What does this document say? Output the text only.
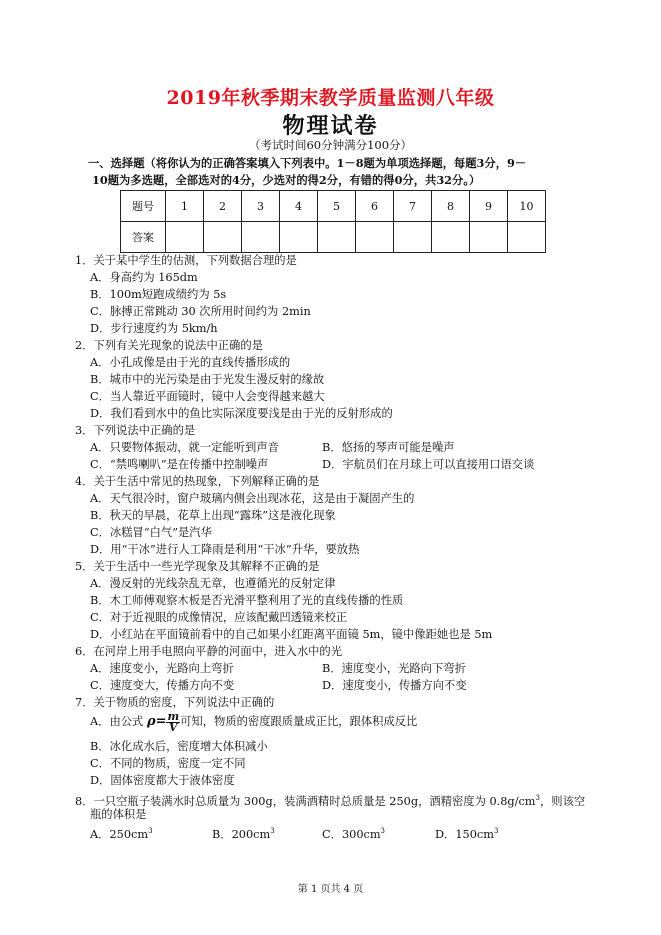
2019年秋季期末教学质量监测八年级
物理试卷
（考试时间60分钟满分100分）
一、选择题（将你认为的正确答案填入下列表中。1－8题为单项选择题，每题3分，9－
10题为多选题，全部选对的4分，少选对的得2分，有错的得0分，共32分。）
题号	1	2	3	4	5	6	7	8	9	10
答案										
1．关于某中学生的估测，下列数据合理的是
A．身高约为 165dm
B．100m短跑成绩约为 5s
C．脉搏正常跳动 30 次所用时间约为 2min
D．步行速度约为 5km/h
2．下列有关光现象的说法中正确的是
A．小孔成像是由于光的直线传播形成的
B．城市中的光污染是由于光发生漫反射的缘故
C．当人靠近平面镜时，镜中人会变得越来越大
D．我们看到水中的鱼比实际深度要浅是由于光的反射形成的
3．下列说法中正确的是
A．只要物体振动，就一定能听到声音	B．悠扬的琴声可能是噪声
C．“禁鸣喇叭”是在传播中控制噪声	D．宇航员们在月球上可以直接用口语交谈
4．关于生活中常见的热现象，下列解释正确的是
A．天气很冷时，窗户玻璃内侧会出现冰花，这是由于凝固产生的
B．秋天的早晨，花草上出现“露珠”这是液化现象
C．冰糕冒“白气”是汽华
D．用“干冰”进行人工降雨是利用“干冰”升华，要放热
5．关于生活中一些光学现象及其解释不正确的是
A．漫反射的光线杂乱无章，也遵循光的反射定律
B．木工师傅观察木板是否光滑平整利用了光的直线传播的性质
C．对于近视眼的成像情况，应该配戴凹透镜来校正
D．小红站在平面镜前看中的自己如果小红距离平面镜 5m，镜中像距她也是 5m
6．在河岸上用手电照向平静的河面中，进入水中的光
A．速度变小，光路向上弯折	B．速度变小，光路向下弯折
C．速度变大，传播方向不变	D．速度变小，传播方向不变
7．关于物质的密度，下列说法中正确的
A．由公式 $\rho= \frac{m}{V}$ 可知，物质的密度跟质量成正比，跟体积成反比
B．冰化成水后，密度增大体积减小
C．不同的物质，密度一定不同
D．固体密度都大于液体密度
8．一只空瓶子装满水时总质量为 300g，装满酒精时总质量是 250g，酒精密度为 $0.8g/cm^3$，则该空
瓶的体积是
A．$250cm^3$	B．$200cm^3$	C．$300cm^3$	D．$150cm^3$
第 1 页共 4 页
